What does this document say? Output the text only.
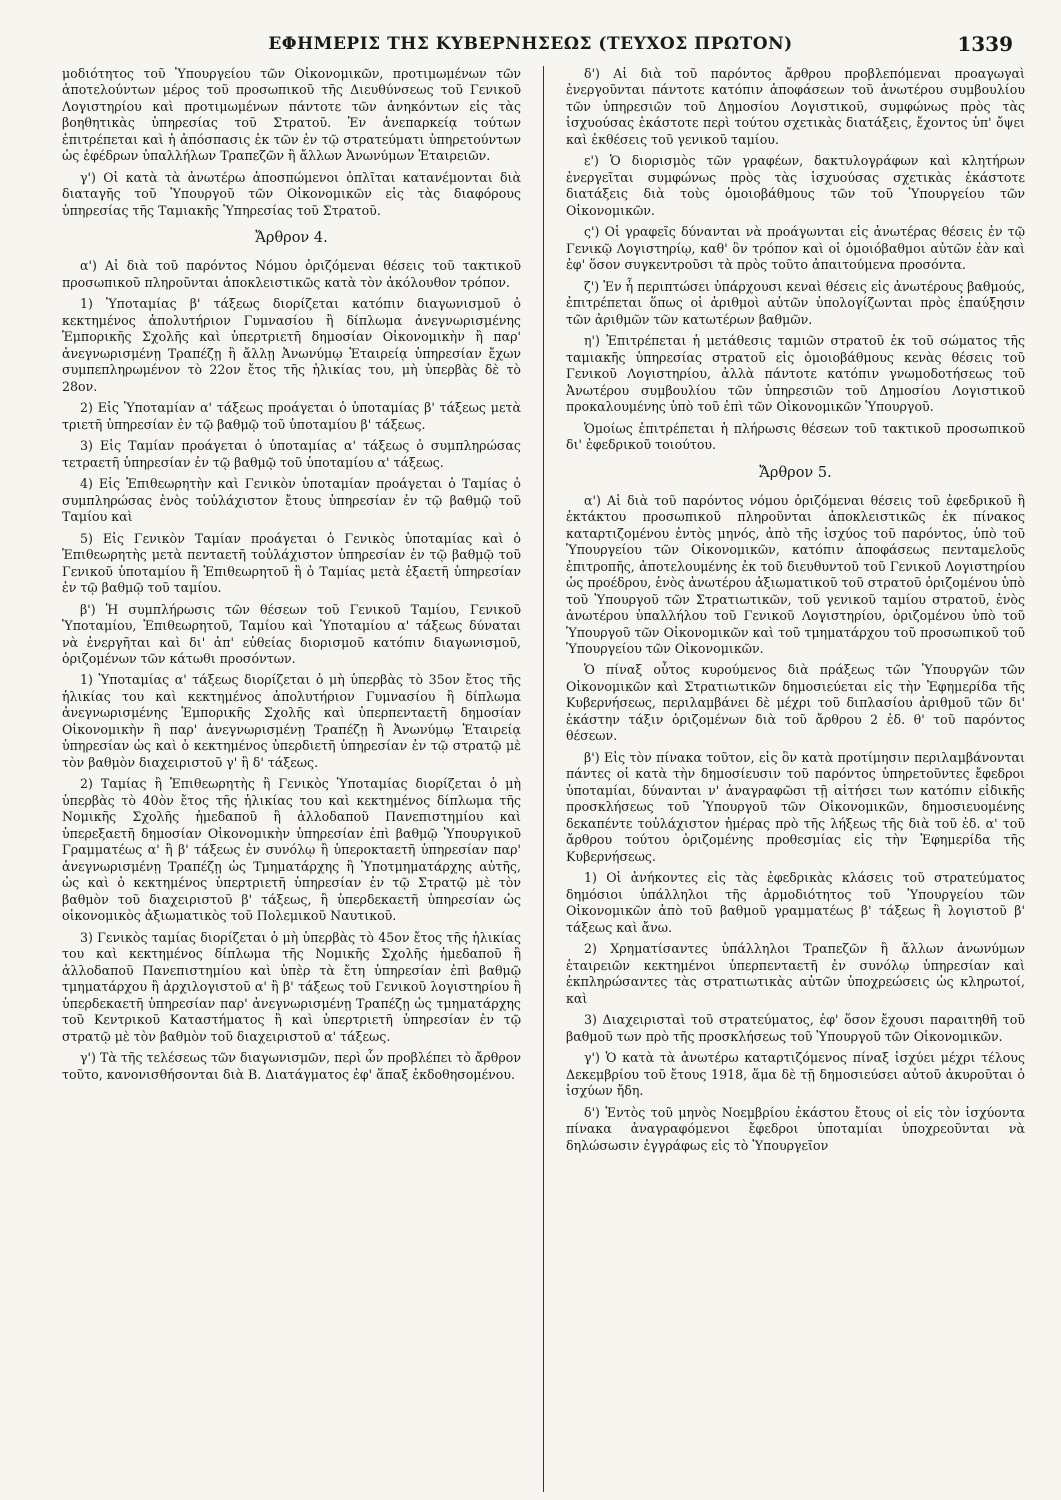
ΕΦΗΜΕΡΙΣ ΤΗΣ ΚΥΒΕΡΝΗΣΕΩΣ (ΤΕΥΧΟΣ ΠΡΩΤΟΝ)	1339

μοδιότητος τοῦ Ὑπουργείου τῶν Οἰκονομικῶν, προτιμωμένων τῶν ἀποτελούντων μέρος τοῦ προσωπικοῦ τῆς Διευθύνσεως τοῦ Γενικοῦ Λογιστηρίου καὶ προτιμωμένων πάντοτε τῶν ἀνηκόντων εἰς τὰς βοηθητικὰς ὑπηρεσίας τοῦ Στρατοῦ. Ἐν ἀνεπαρκείᾳ τούτων ἐπιτρέπεται καὶ ἡ ἀπόσπασις ἐκ τῶν ἐν τῷ στρατεύματι ὑπηρετούντων ὡς ἐφέδρων ὑπαλλήλων Τραπεζῶν ἢ ἄλλων Ἀνωνύμων Ἑταιρειῶν.

γ') Οἱ κατὰ τὰ ἀνωτέρω ἀποσπώμενοι ὁπλῖται κατανέμονται διὰ διαταγῆς τοῦ Ὑπουργοῦ τῶν Οἰκονομικῶν εἰς τὰς διαφόρους ὑπηρεσίας τῆς Ταμιακῆς Ὑπηρεσίας τοῦ Στρατοῦ.

Ἄρθρον 4.

α') Αἱ διὰ τοῦ παρόντος Νόμου ὁριζόμεναι θέσεις τοῦ τακτικοῦ προσωπικοῦ πληροῦνται ἀποκλειστικῶς κατὰ τὸν ἀκόλουθον τρόπον.

1) Ὑποταμίας β' τάξεως διορίζεται κατόπιν διαγωνισμοῦ ὁ κεκτημένος ἀπολυτήριον Γυμνασίου ἢ δίπλωμα ἀνεγνωρισμένης Ἐμπορικῆς Σχολῆς καὶ ὑπερτριετῆ δημοσίαν Οἰκονομικὴν ἢ παρ' ἀνεγνωρισμένῃ Τραπέζῃ ἢ ἄλλῃ Ἀνωνύμῳ Ἑταιρείᾳ ὑπηρεσίαν ἔχων συμπεπληρωμένον τὸ 22ον ἔτος τῆς ἡλικίας του, μὴ ὑπερβὰς δὲ τὸ 28ον.

2) Εἰς Ὑποταμίαν α' τάξεως προάγεται ὁ ὑποταμίας β' τάξεως μετὰ τριετῆ ὑπηρεσίαν ἐν τῷ βαθμῷ τοῦ ὑποταμίου β' τάξεως.

3) Εἰς Ταμίαν προάγεται ὁ ὑποταμίας α' τάξεως ὁ συμπληρώσας τετραετῆ ὑπηρεσίαν ἐν τῷ βαθμῷ τοῦ ὑποταμίου α' τάξεως.

4) Εἰς Ἐπιθεωρητὴν καὶ Γενικὸν ὑποταμίαν προάγεται ὁ Ταμίας ὁ συμπληρώσας ἑνὸς τοὐλάχιστον ἔτους ὑπηρεσίαν ἐν τῷ βαθμῷ τοῦ Ταμίου καὶ

5) Εἰς Γενικὸν Ταμίαν προάγεται ὁ Γενικὸς ὑποταμίας καὶ ὁ Ἐπιθεωρητὴς μετὰ πενταετῆ τοὐλάχιστον ὑπηρεσίαν ἐν τῷ βαθμῷ τοῦ Γενικοῦ ὑποταμίου ἢ Ἐπιθεωρητοῦ ἢ ὁ Ταμίας μετὰ ἑξαετῆ ὑπηρεσίαν ἐν τῷ βαθμῷ τοῦ ταμίου.

β') Ἡ συμπλήρωσις τῶν θέσεων τοῦ Γενικοῦ Ταμίου, Γενικοῦ Ὑποταμίου, Ἐπιθεωρητοῦ, Ταμίου καὶ Ὑποταμίου α' τάξεως δύναται νὰ ἐνεργῆται καὶ δι' ἀπ' εὐθείας διορισμοῦ κατόπιν διαγωνισμοῦ, ὁριζομένων τῶν κάτωθι προσόντων.

1) Ὑποταμίας α' τάξεως διορίζεται ὁ μὴ ὑπερβὰς τὸ 35ον ἔτος τῆς ἡλικίας του καὶ κεκτημένος ἀπολυτήριον Γυμνασίου ἢ δίπλωμα ἀνεγνωρισμένης Ἐμπορικῆς Σχολῆς καὶ ὑπερπενταετῆ δημοσίαν Οἰκονομικὴν ἢ παρ' ἀνεγνωρισμένῃ Τραπέζῃ ἢ Ἀνωνύμῳ Ἑταιρείᾳ ὑπηρεσίαν ὡς καὶ ὁ κεκτημένος ὑπερδιετῆ ὑπηρεσίαν ἐν τῷ στρατῷ μὲ τὸν βαθμὸν διαχειριστοῦ γ' ἢ δ' τάξεως.

2) Ταμίας ἢ Ἐπιθεωρητὴς ἢ Γενικὸς Ὑποταμίας διορίζεται ὁ μὴ ὑπερβὰς τὸ 40ὸν ἔτος τῆς ἡλικίας του καὶ κεκτημένος δίπλωμα τῆς Νομικῆς Σχολῆς ἡμεδαποῦ ἢ ἀλλοδαποῦ Πανεπιστημίου καὶ ὑπερεξαετῆ δημοσίαν Οἰκονομικὴν ὑπηρεσίαν ἐπὶ βαθμῷ Ὑπουργικοῦ Γραμματέως α' ἢ β' τάξεως ἐν συνόλῳ ἢ ὑπεροκταετῆ ὑπηρεσίαν παρ' ἀνεγνωρισμένῃ Τραπέζῃ ὡς Τμηματάρχης ἢ Ὑποτμηματάρχης αὐτῆς, ὡς καὶ ὁ κεκτημένος ὑπερτριετῆ ὑπηρεσίαν ἐν τῷ Στρατῷ μὲ τὸν βαθμὸν τοῦ διαχειριστοῦ β' τάξεως, ἢ ὑπερδεκαετῆ ὑπηρεσίαν ὡς οἰκονομικὸς ἀξιωματικὸς τοῦ Πολεμικοῦ Ναυτικοῦ.

3) Γενικὸς ταμίας διορίζεται ὁ μὴ ὑπερβὰς τὸ 45ον ἔτος τῆς ἡλικίας του καὶ κεκτημένος δίπλωμα τῆς Νομικῆς Σχολῆς ἡμεδαποῦ ἢ ἀλλοδαποῦ Πανεπιστημίου καὶ ὑπὲρ τὰ ἔτη ὑπηρεσίαν ἐπὶ βαθμῷ τμηματάρχου ἢ ἀρχιλογιστοῦ α' ἢ β' τάξεως τοῦ Γενικοῦ λογιστηρίου ἢ ὑπερδεκαετῆ ὑπηρεσίαν παρ' ἀνεγνωρισμένῃ Τραπέζῃ ὡς τμηματάρχης τοῦ Κεντρικοῦ Καταστήματος ἢ καὶ ὑπερτριετῆ ὑπηρεσίαν ἐν τῷ στρατῷ μὲ τὸν βαθμὸν τοῦ διαχειριστοῦ α' τάξεως.

γ') Τὰ τῆς τελέσεως τῶν διαγωνισμῶν, περὶ ὧν προβλέπει τὸ ἄρθρον τοῦτο, κανονισθήσονται διὰ Β. Διατάγματος ἐφ' ἅπαξ ἐκδοθησομένου.

δ') Αἱ διὰ τοῦ παρόντος ἄρθρου προβλεπόμεναι προαγωγαὶ ἐνεργοῦνται πάντοτε κατόπιν ἀποφάσεων τοῦ ἀνωτέρου συμβουλίου τῶν ὑπηρεσιῶν τοῦ Δημοσίου Λογιστικοῦ, συμφώνως πρὸς τὰς ἰσχυούσας ἑκάστοτε περὶ τούτου σχετικὰς διατάξεις, ἔχοντος ὑπ' ὄψει καὶ ἐκθέσεις τοῦ γενικοῦ ταμίου.

ε') Ὁ διορισμὸς τῶν γραφέων, δακτυλογράφων καὶ κλητήρων ἐνεργεῖται συμφώνως πρὸς τὰς ἰσχυούσας σχετικὰς ἑκάστοτε διατάξεις διὰ τοὺς ὁμοιοβάθμους τῶν τοῦ Ὑπουργείου τῶν Οἰκονομικῶν.

ς') Οἱ γραφεῖς δύνανται νὰ προάγωνται εἰς ἀνωτέρας θέσεις ἐν τῷ Γενικῷ Λογιστηρίῳ, καθ' ὃν τρόπον καὶ οἱ ὁμοιόβαθμοι αὐτῶν ἐὰν καὶ ἐφ' ὅσον συγκεντροῦσι τὰ πρὸς τοῦτο ἀπαιτούμενα προσόντα.

ζ') Ἐν ἧ περιπτώσει ὑπάρχουσι κεναὶ θέσεις εἰς ἀνωτέρους βαθμούς, ἐπιτρέπεται ὅπως οἱ ἀριθμοὶ αὐτῶν ὑπολογίζωνται πρὸς ἐπαύξησιν τῶν ἀριθμῶν τῶν κατωτέρων βαθμῶν.

η') Ἐπιτρέπεται ἡ μετάθεσις ταμιῶν στρατοῦ ἐκ τοῦ σώματος τῆς ταμιακῆς ὑπηρεσίας στρατοῦ εἰς ὁμοιοβάθμους κενὰς θέσεις τοῦ Γενικοῦ Λογιστηρίου, ἀλλὰ πάντοτε κατόπιν γνωμοδοτήσεως τοῦ Ἀνωτέρου συμβουλίου τῶν ὑπηρεσιῶν τοῦ Δημοσίου Λογιστικοῦ προκαλουμένης ὑπὸ τοῦ ἐπὶ τῶν Οἰκονομικῶν Ὑπουργοῦ.

Ὁμοίως ἐπιτρέπεται ἡ πλήρωσις θέσεων τοῦ τακτικοῦ προσωπικοῦ δι' ἐφεδρικοῦ τοιούτου.

Ἄρθρον 5.

α') Αἱ διὰ τοῦ παρόντος νόμου ὁριζόμεναι θέσεις τοῦ ἐφεδρικοῦ ἢ ἐκτάκτου προσωπικοῦ πληροῦνται ἀποκλειστικῶς ἐκ πίνακος καταρτιζομένου ἐντὸς μηνός, ἀπὸ τῆς ἰσχύος τοῦ παρόντος, ὑπὸ τοῦ Ὑπουργείου τῶν Οἰκονομικῶν, κατόπιν ἀποφάσεως πενταμελοῦς ἐπιτροπῆς, ἀποτελουμένης ἐκ τοῦ διευθυντοῦ τοῦ Γενικοῦ Λογιστηρίου ὡς προέδρου, ἑνὸς ἀνωτέρου ἀξιωματικοῦ τοῦ στρατοῦ ὁριζομένου ὑπὸ τοῦ Ὑπουργοῦ τῶν Στρατιωτικῶν, τοῦ γενικοῦ ταμίου στρατοῦ, ἑνὸς ἀνωτέρου ὑπαλλήλου τοῦ Γενικοῦ Λογιστηρίου, ὁριζομένου ὑπὸ τοῦ Ὑπουργοῦ τῶν Οἰκονομικῶν καὶ τοῦ τμηματάρχου τοῦ προσωπικοῦ τοῦ Ὑπουργείου τῶν Οἰκονομικῶν.

Ὁ πίναξ οὗτος κυρούμενος διὰ πράξεως τῶν Ὑπουργῶν τῶν Οἰκονομικῶν καὶ Στρατιωτικῶν δημοσιεύεται εἰς τὴν Ἐφημερίδα τῆς Κυβερνήσεως, περιλαμβάνει δὲ μέχρι τοῦ διπλασίου ἀριθμοῦ τῶν δι' ἑκάστην τάξιν ὁριζομένων διὰ τοῦ ἄρθρου 2 ἐδ. θ' τοῦ παρόντος θέσεων.

β') Εἰς τὸν πίνακα τοῦτον, εἰς ὃν κατὰ προτίμησιν περιλαμβάνονται πάντες οἱ κατὰ τὴν δημοσίευσιν τοῦ παρόντος ὑπηρετοῦντες ἔφεδροι ὑποταμίαι, δύνανται ν' ἀναγραφῶσι τῇ αἰτήσει των κατόπιν εἰδικῆς προσκλήσεως τοῦ Ὑπουργοῦ τῶν Οἰκονομικῶν, δημοσιευομένης δεκαπέντε τοὐλάχιστον ἡμέρας πρὸ τῆς λήξεως τῆς διὰ τοῦ ἐδ. α' τοῦ ἄρθρου τούτου ὁριζομένης προθεσμίας εἰς τὴν Ἐφημερίδα τῆς Κυβερνήσεως.

1) Οἱ ἀνήκοντες εἰς τὰς ἐφεδρικὰς κλάσεις τοῦ στρατεύματος δημόσιοι ὑπάλληλοι τῆς ἁρμοδιότητος τοῦ Ὑπουργείου τῶν Οἰκονομικῶν ἀπὸ τοῦ βαθμοῦ γραμματέως β' τάξεως ἢ λογιστοῦ β' τάξεως καὶ ἄνω.

2) Χρηματίσαντες ὑπάλληλοι Τραπεζῶν ἢ ἄλλων ἀνωνύμων ἑταιρειῶν κεκτημένοι ὑπερπενταετῆ ἐν συνόλῳ ὑπηρεσίαν καὶ ἐκπληρώσαντες τὰς στρατιωτικὰς αὐτῶν ὑποχρεώσεις ὡς κληρωτοί, καὶ

3) Διαχειρισταὶ τοῦ στρατεύματος, ἐφ' ὅσον ἔχουσι παραιτηθῆ τοῦ βαθμοῦ των πρὸ τῆς προσκλήσεως τοῦ Ὑπουργοῦ τῶν Οἰκονομικῶν.

γ') Ὁ κατὰ τὰ ἀνωτέρω καταρτιζόμενος πίναξ ἰσχύει μέχρι τέλους Δεκεμβρίου τοῦ ἔτους 1918, ἅμα δὲ τῇ δημοσιεύσει αὐτοῦ ἀκυροῦται ὁ ἰσχύων ἤδη.

δ') Ἐντὸς τοῦ μηνὸς Νοεμβρίου ἑκάστου ἔτους οἱ εἰς τὸν ἰσχύοντα πίνακα ἀναγραφόμενοι ἔφεδροι ὑποταμίαι ὑποχρεοῦνται νὰ δηλώσωσιν ἐγγράφως εἰς τὸ Ὑπουργεῖον
